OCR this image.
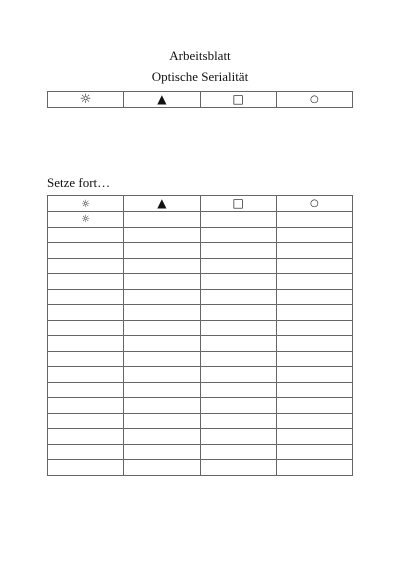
Arbeitsblatt
Optische Serialität
☼	▲	□	○
Setze fort…
☼	▲	□	○
☼			
